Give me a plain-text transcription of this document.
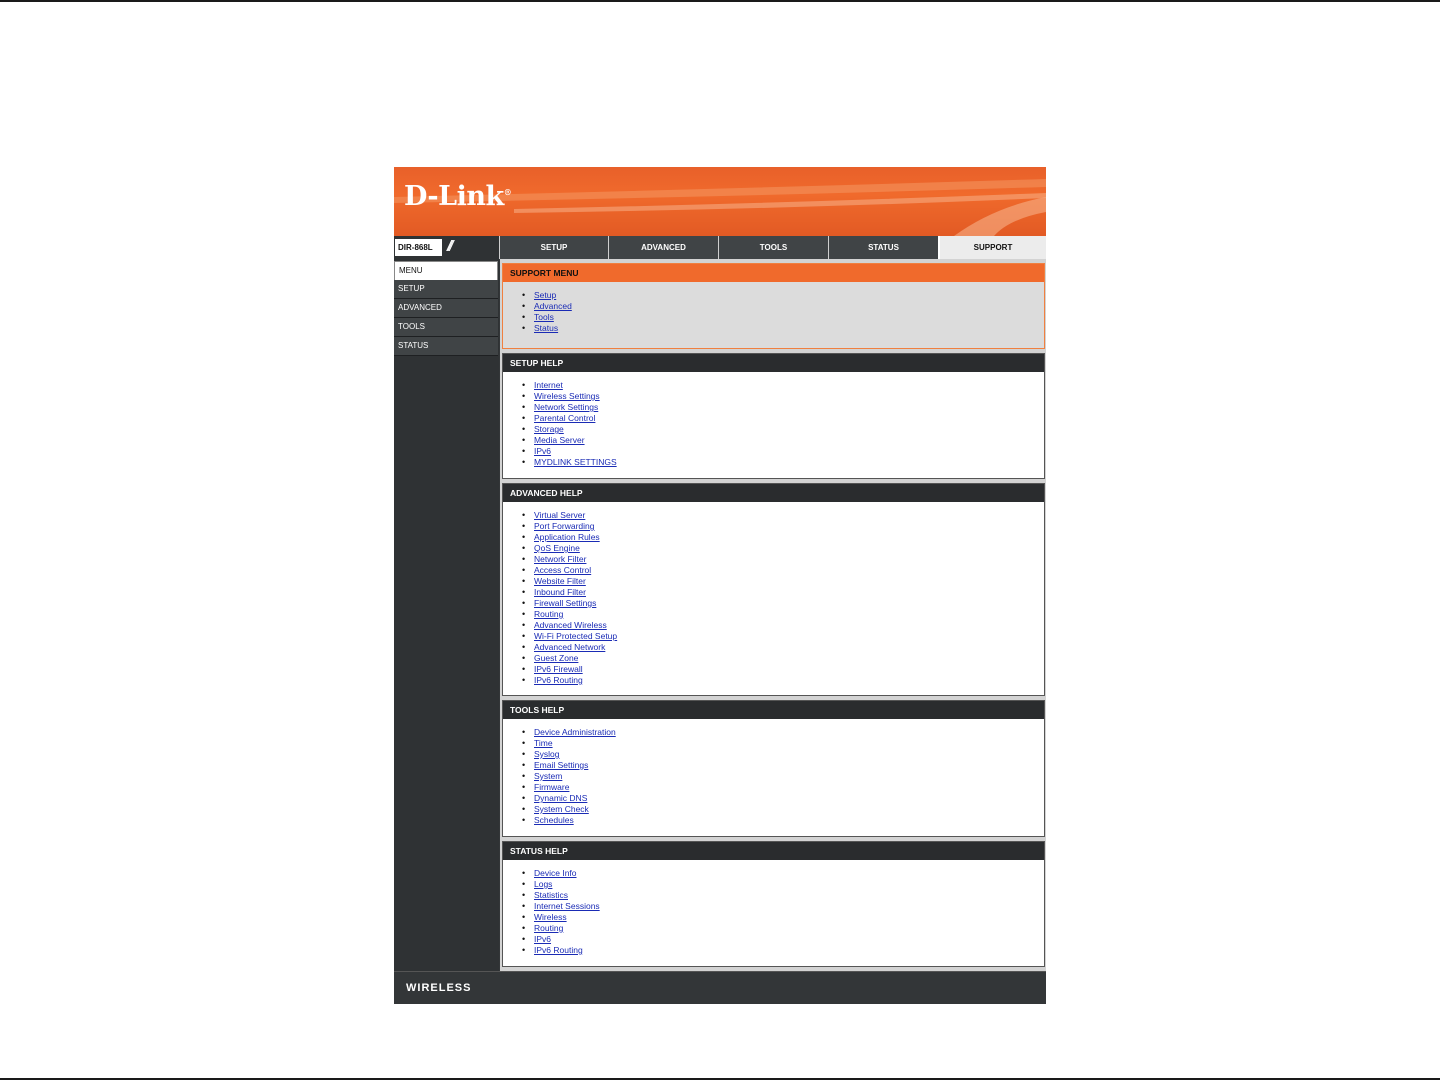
D-Link®
DIR-868L ///	SETUP	ADVANCED	TOOLS	STATUS	SUPPORT
MENU
SETUP
ADVANCED
TOOLS
STATUS
SUPPORT MENU
• Setup
• Advanced
• Tools
• Status
SETUP HELP
• Internet
• Wireless Settings
• Network Settings
• Parental Control
• Storage
• Media Server
• IPv6
• MYDLINK SETTINGS
ADVANCED HELP
• Virtual Server
• Port Forwarding
• Application Rules
• QoS Engine
• Network Filter
• Access Control
• Website Filter
• Inbound Filter
• Firewall Settings
• Routing
• Advanced Wireless
• Wi-Fi Protected Setup
• Advanced Network
• Guest Zone
• IPv6 Firewall
• IPv6 Routing
TOOLS HELP
• Device Administration
• Time
• Syslog
• Email Settings
• System
• Firmware
• Dynamic DNS
• System Check
• Schedules
STATUS HELP
• Device Info
• Logs
• Statistics
• Internet Sessions
• Wireless
• Routing
• IPv6
• IPv6 Routing
WIRELESS
